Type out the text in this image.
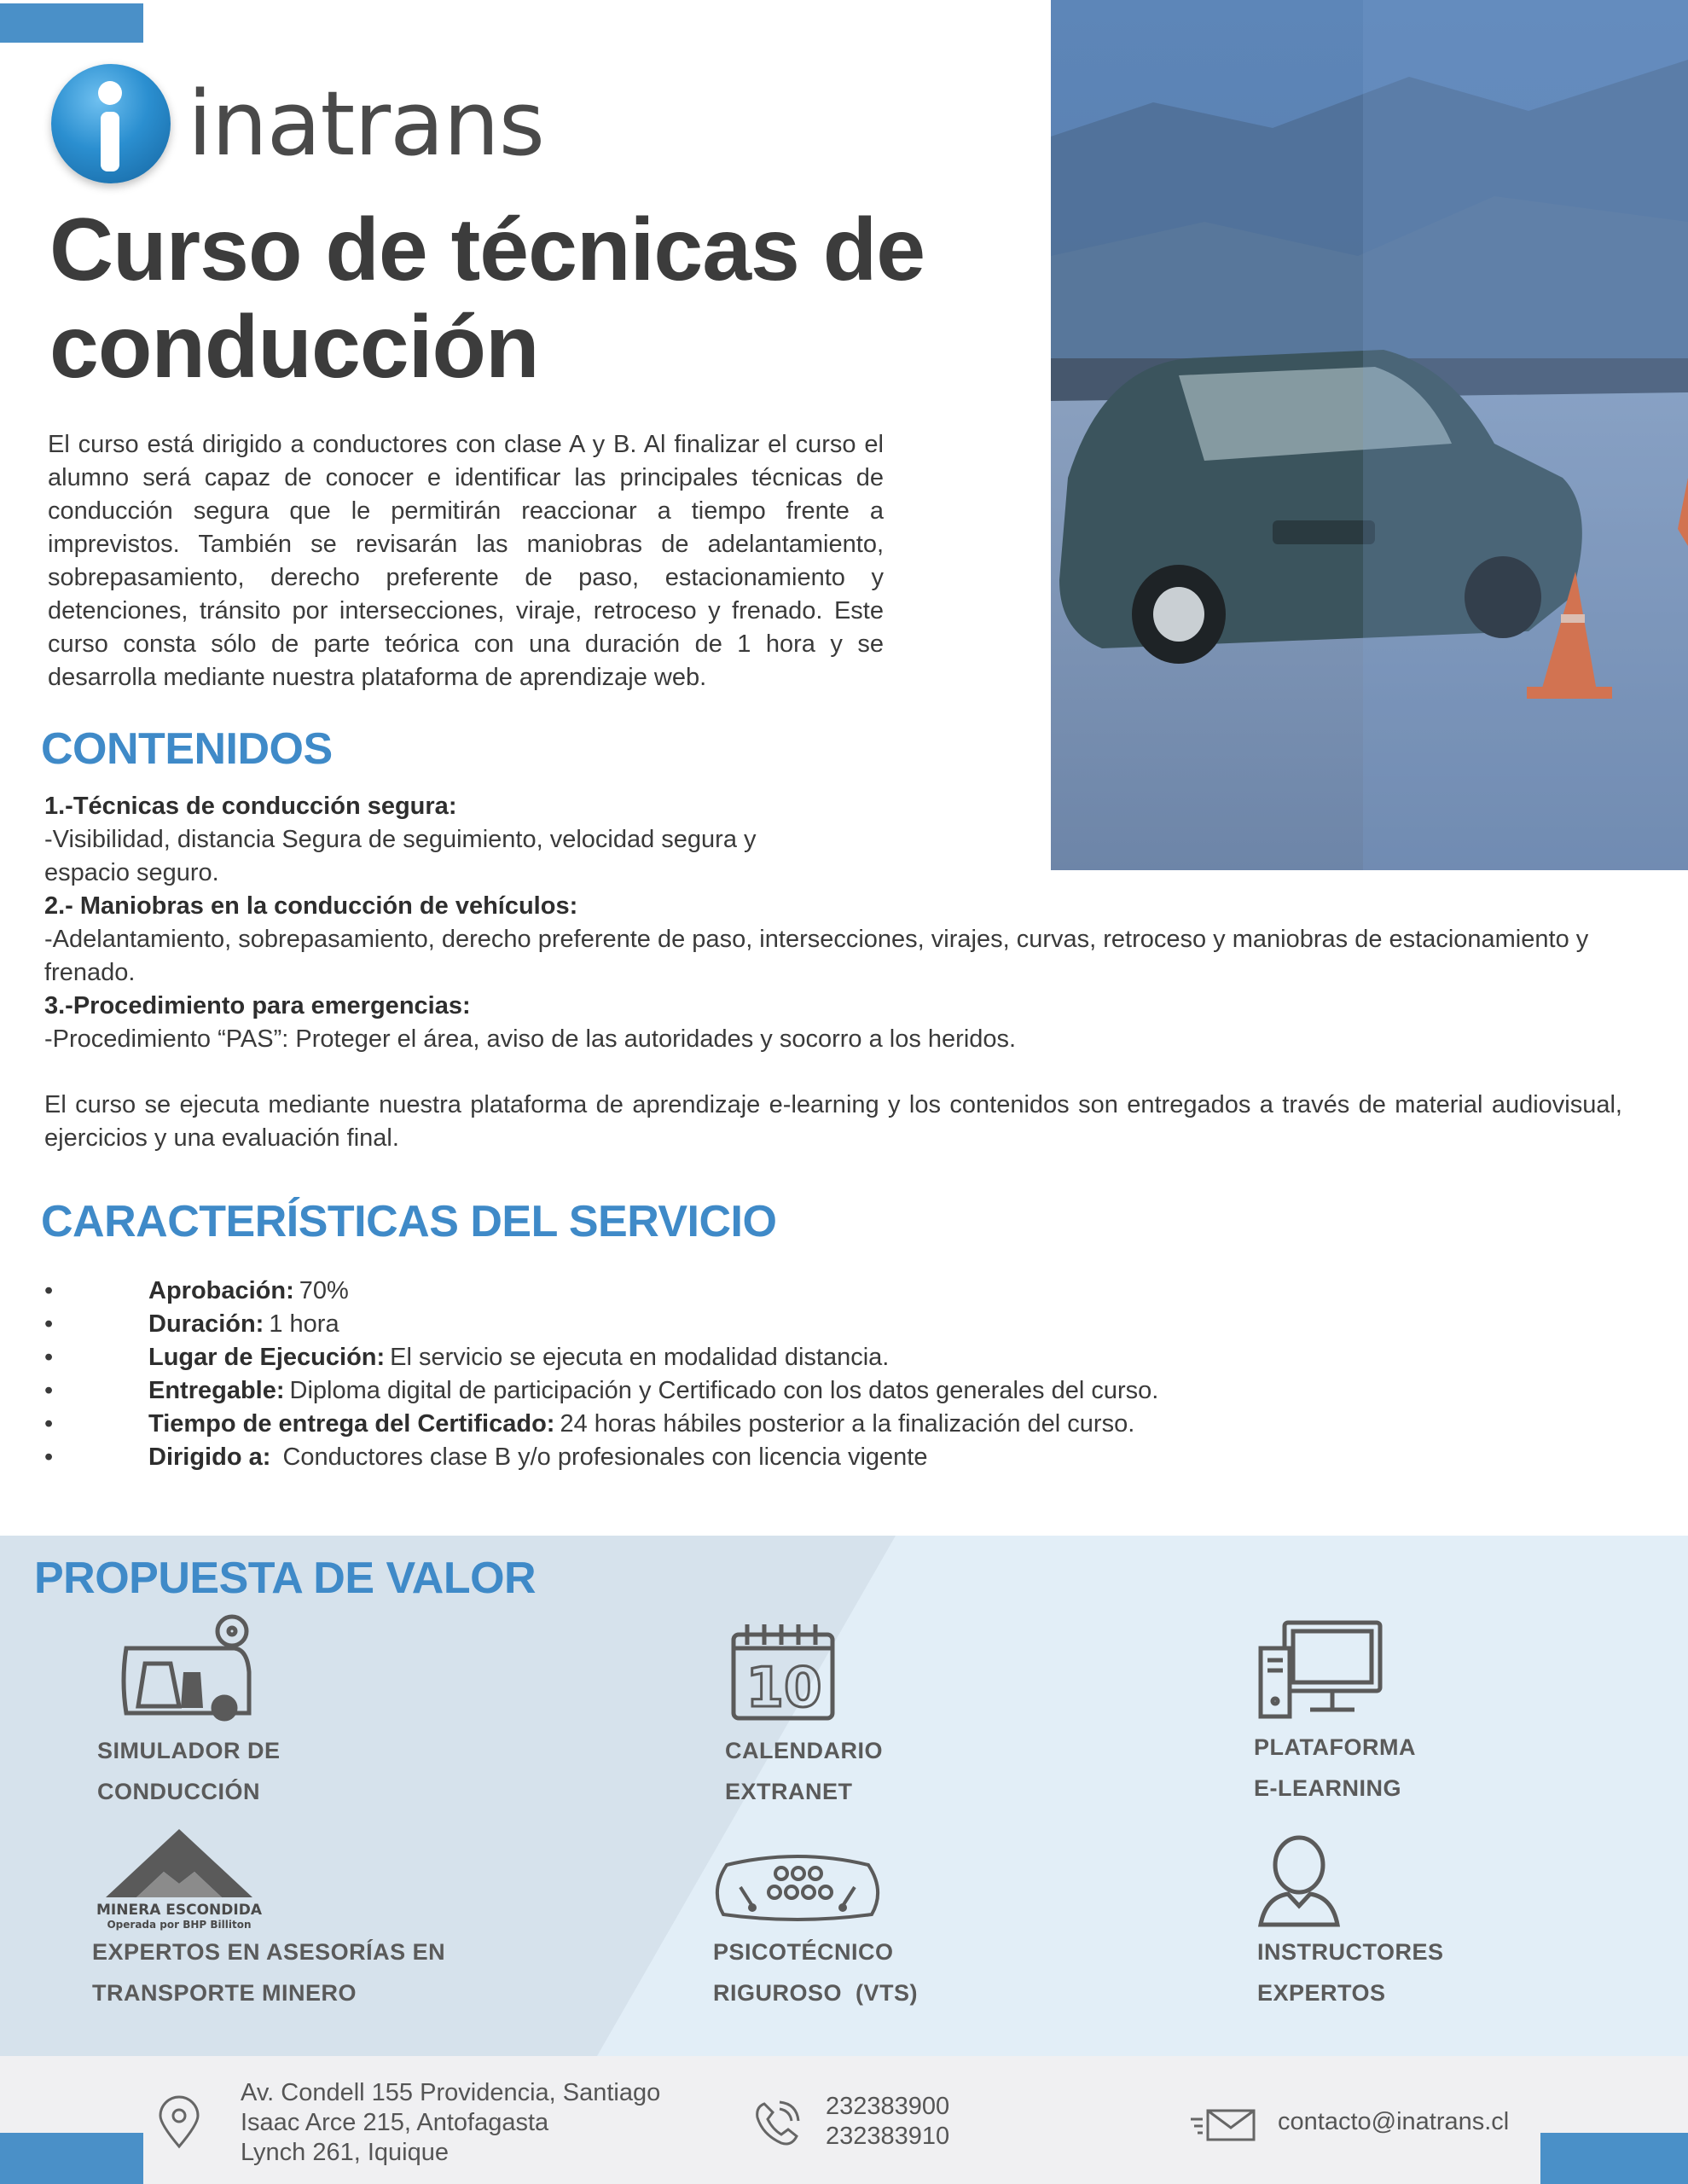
inatrans
Curso de técnicas de
conducción

El curso está dirigido a conductores con clase A y B. Al finalizar el curso el alumno será capaz de conocer e identificar las principales técnicas de conducción segura que le permitirán reaccionar a tiempo frente a imprevistos. También se revisarán las maniobras de adelantamiento, sobrepasamiento, derecho preferente de paso, estacionamiento y detenciones, tránsito por intersecciones, viraje, retroceso y frenado. Este curso consta sólo de parte teórica con una duración de 1 hora y se desarrolla mediante nuestra plataforma de aprendizaje web.

CONTENIDOS
1.-Técnicas de conducción segura:
-Visibilidad, distancia Segura de seguimiento, velocidad segura y
espacio seguro.
2.- Maniobras en la conducción de vehículos:
-Adelantamiento, sobrepasamiento, derecho preferente de paso, intersecciones, virajes, curvas, retroceso y maniobras de estacionamiento y frenado.
3.-Procedimiento para emergencias:
-Procedimiento “PAS”: Proteger el área, aviso de las autoridades y socorro a los heridos.

El curso se ejecuta mediante nuestra plataforma de aprendizaje e-learning y los contenidos son entregados a través de material audiovisual, ejercicios y una evaluación final.

CARACTERÍSTICAS DEL SERVICIO
•	Aprobación: 70%
•	Duración: 1 hora
•	Lugar de Ejecución: El servicio se ejecuta en modalidad distancia.
•	Entregable: Diploma digital de participación y Certificado con los datos generales del curso.
•	Tiempo de entrega del Certificado: 24 horas hábiles posterior a la finalización del curso.
•	Dirigido a: Conductores clase B y/o profesionales con licencia vigente
PROPUESTA DE VALOR
SIMULADOR DE
CONDUCCIÓN
10
CALENDARIO
EXTRANET
PLATAFORMA
E-LEARNING
MINERA ESCONDIDA
Operada por BHP Billiton
EXPERTOS EN ASESORÍAS EN
TRANSPORTE MINERO
PSICOTÉCNICO
RIGUROSO  (VTS)
INSTRUCTORES
EXPERTOS
Av. Condell 155 Providencia, Santiago
Isaac Arce 215, Antofagasta
Lynch 261, Iquique
232383900
232383910
contacto@inatrans.cl
